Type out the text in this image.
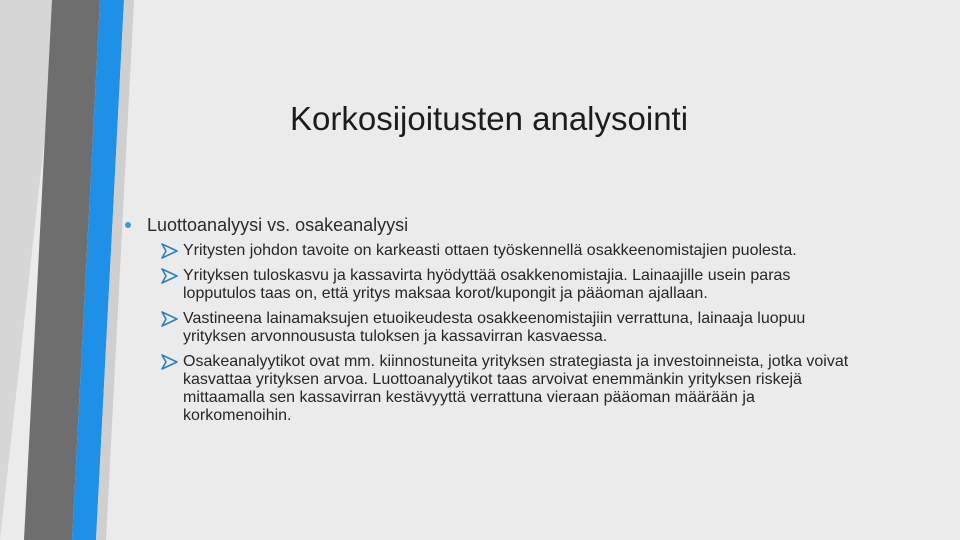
Korkosijoitusten analysointi
Luottoanalyysi vs. osakeanalyysi
Yritysten johdon tavoite on karkeasti ottaen työskennellä osakkeenomistajien puolesta.
Yrityksen tuloskasvu ja kassavirta hyödyttää osakkenomistajia. Lainaajille usein paras lopputulos taas on, että yritys maksaa korot/kupongit ja pääoman ajallaan.
Vastineena lainamaksujen etuoikeudesta osakkeenomistajiin verrattuna, lainaaja luopuu yrityksen arvonnoususta tuloksen ja kassavirran kasvaessa.
Osakeanalyytikot ovat mm. kiinnostuneita yrityksen strategiasta ja investoinneista, jotka voivat kasvattaa yrityksen arvoa. Luottoanalyytikot taas arvoivat enemmänkin yrityksen riskejä mittaamalla sen kassavirran kestävyyttä verrattuna vieraan pääoman määrään ja korkomenoihin.
